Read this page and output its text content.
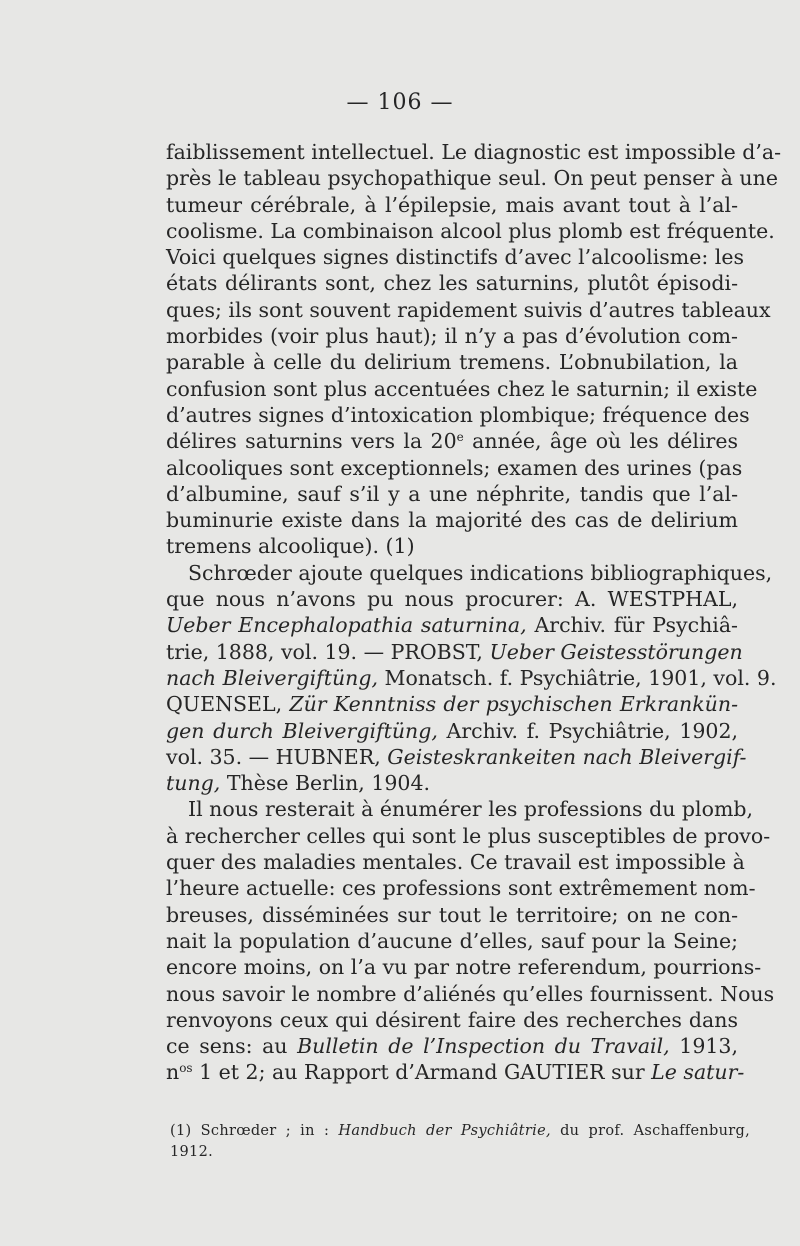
— 106 —
faiblissement intellectuel. Le diagnostic est impossible d’a-
près le tableau psychopathique seul. On peut penser à une
tumeur cérébrale, à l’épilepsie, mais avant tout à l’al-
coolisme. La combinaison alcool plus plomb est fréquente.
Voici quelques signes distinctifs d’avec l’alcoolisme: les
états délirants sont, chez les saturnins, plutôt épisodi-
ques; ils sont souvent rapidement suivis d’autres tableaux
morbides (voir plus haut); il n’y a pas d’évolution com-
parable à celle du delirium tremens. L’obnubilation, la
confusion sont plus accentuées chez le saturnin; il existe
d’autres signes d’intoxication plombique; fréquence des
délires saturnins vers la 20e année, âge où les délires
alcooliques sont exceptionnels; examen des urines (pas
d’albumine, sauf s’il y a une néphrite, tandis que l’al-
buminurie existe dans la majorité des cas de delirium
tremens alcoolique). (1)
Schrœder ajoute quelques indications bibliographiques,
que nous n’avons pu nous procurer: A. WESTPHAL,
Ueber Encephalopathia saturnina, Archiv. für Psychiâ-
trie, 1888, vol. 19. — PROBST, Ueber Geistesstörungen
nach Bleivergiftüng, Monatsch. f. Psychiâtrie, 1901, vol. 9.
QUENSEL, Zür Kenntniss der psychischen Erkrankün-
gen durch Bleivergiftüng, Archiv. f. Psychiâtrie, 1902,
vol. 35. — HUBNER, Geisteskrankeiten nach Bleivergif-
tung, Thèse Berlin, 1904.
Il nous resterait à énumérer les professions du plomb,
à rechercher celles qui sont le plus susceptibles de provo-
quer des maladies mentales. Ce travail est impossible à
l’heure actuelle: ces professions sont extrêmement nom-
breuses, disséminées sur tout le territoire; on ne con-
nait la population d’aucune d’elles, sauf pour la Seine;
encore moins, on l’a vu par notre referendum, pourrions-
nous savoir le nombre d’aliénés qu’elles fournissent. Nous
renvoyons ceux qui désirent faire des recherches dans
ce sens: au Bulletin de l’Inspection du Travail, 1913,
$n^{os}$ 1 et 2; au Rapport d’Armand GAUTIER sur Le satur-
(1) Schrœder ; in : Handbuch der Psychiâtrie, du prof. Aschaffenburg,
1912.
